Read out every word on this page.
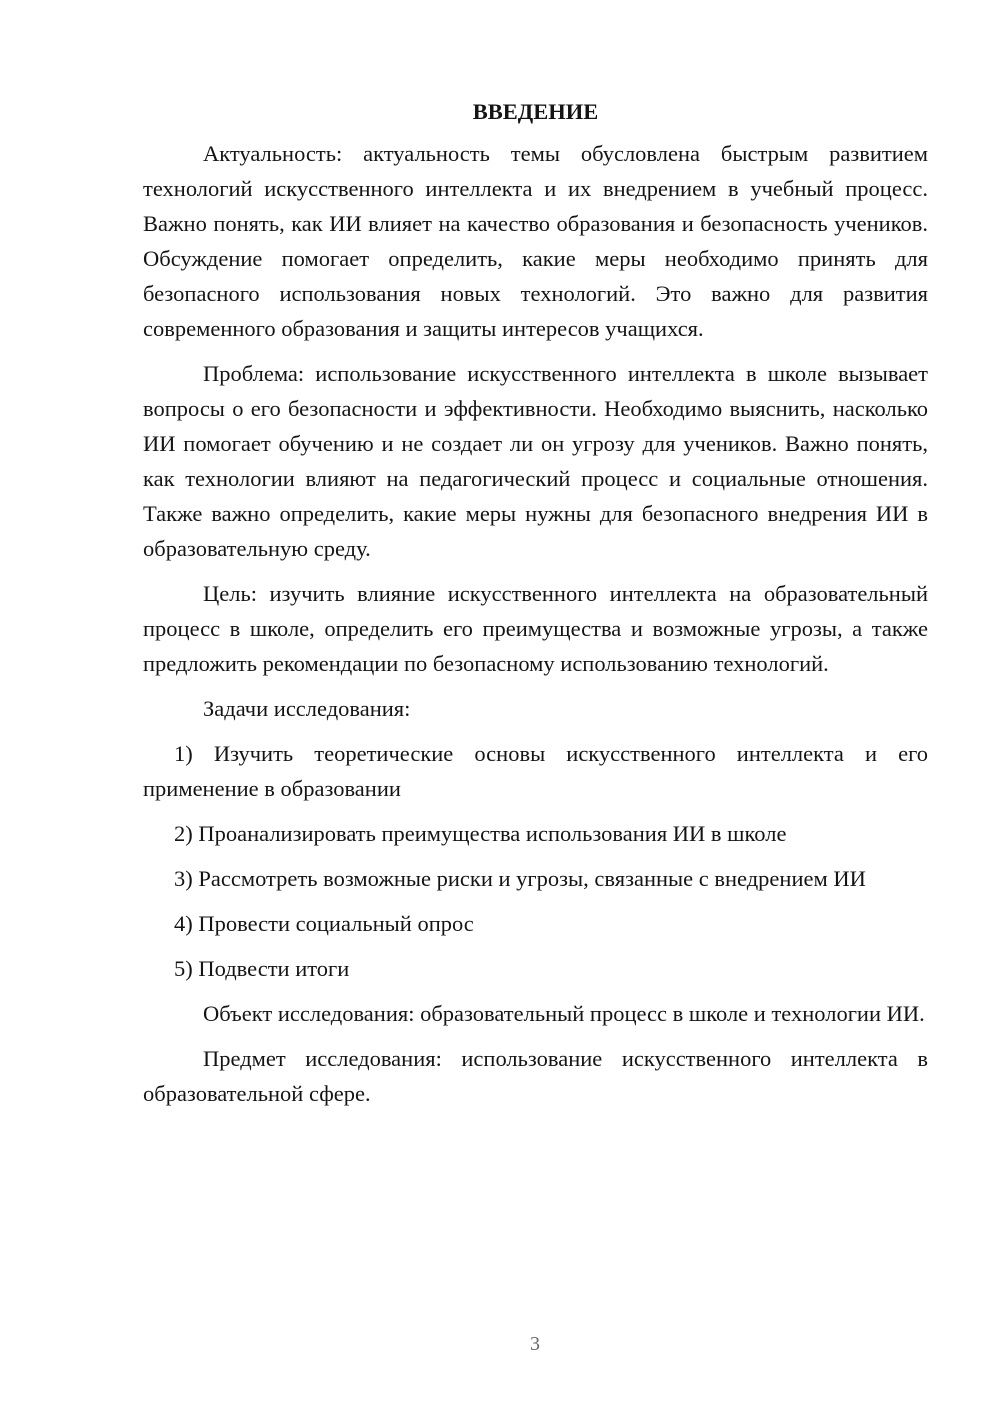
ВВЕДЕНИЕ

Актуальность: актуальность темы обусловлена быстрым развитием технологий искусственного интеллекта и их внедрением в учебный процесс. Важно понять, как ИИ влияет на качество образования и безопасность учеников. Обсуждение помогает определить, какие меры необходимо принять для безопасного использования новых технологий. Это важно для развития современного образования и защиты интересов учащихся.

Проблема: использование искусственного интеллекта в школе вызывает вопросы о его безопасности и эффективности. Необходимо выяснить, насколько ИИ помогает обучению и не создает ли он угрозу для учеников. Важно понять, как технологии влияют на педагогический процесс и социальные отношения. Также важно определить, какие меры нужны для безопасного внедрения ИИ в образовательную среду.

Цель: изучить влияние искусственного интеллекта на образовательный процесс в школе, определить его преимущества и возможные угрозы, а также предложить рекомендации по безопасному использованию технологий.

Задачи исследования:

1) Изучить теоретические основы искусственного интеллекта и его применение в образовании

2) Проанализировать преимущества использования ИИ в школе

3) Рассмотреть возможные риски и угрозы, связанные с внедрением ИИ

4) Провести социальный опрос

5) Подвести итоги

Объект исследования: образовательный процесс в школе и технологии ИИ.

Предмет исследования: использование искусственного интеллекта в образовательной сфере.

3
